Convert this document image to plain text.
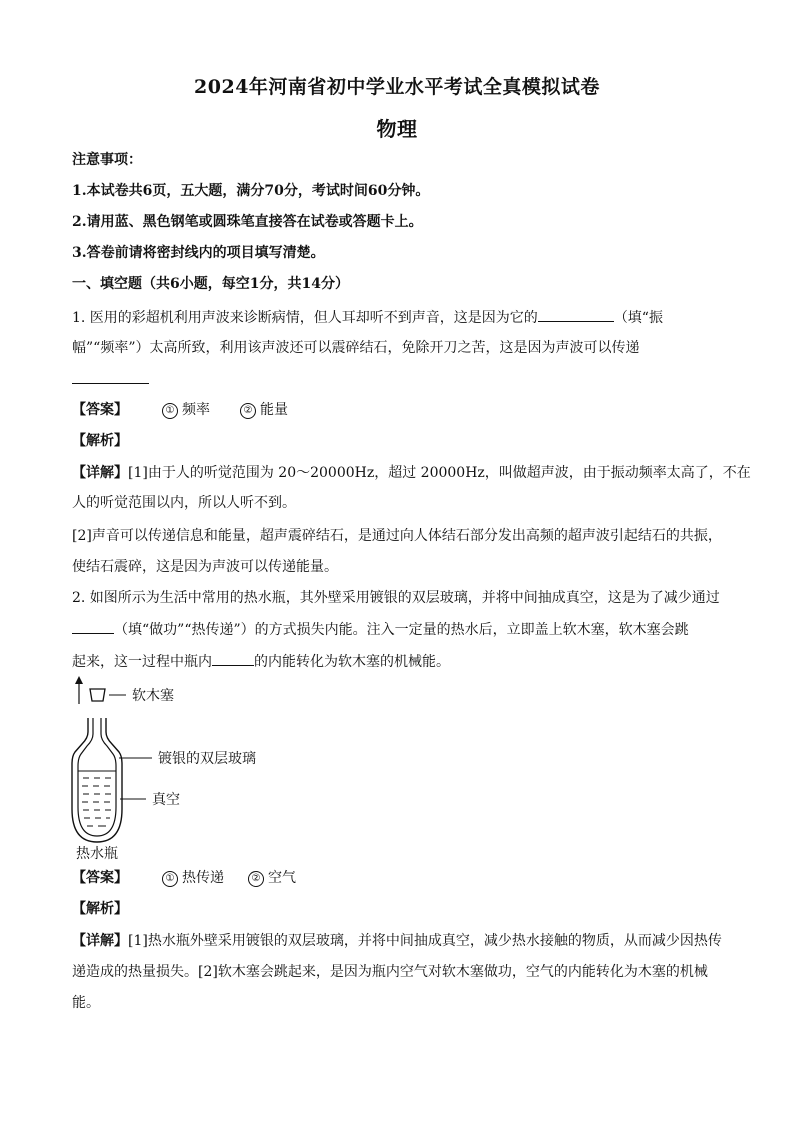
2024年河南省初中学业水平考试全真模拟试卷
物理
注意事项：
1.本试卷共6页，五大题，满分70分，考试时间60分钟。
2.请用蓝、黑色钢笔或圆珠笔直接答在试卷或答题卡上。
3.答卷前请将密封线内的项目填写清楚。
一、填空题（共6小题，每空1分，共14分）
1. 医用的彩超机利用声波来诊断病情，但人耳却听不到声音，这是因为它的	（填“振
幅”“频率”）太高所致，利用该声波还可以震碎结石，免除开刀之苦，这是因为声波可以传递
【答案】	① 频率	② 能量
【解析】
【详解】[1]由于人的听觉范围为 20～20000Hz，超过 20000Hz，叫做超声波，由于振动频率太高了，不在
人的听觉范围以内，所以人听不到。
[2]声音可以传递信息和能量，超声震碎结石，是通过向人体结石部分发出高频的超声波引起结石的共振，
使结石震碎，这是因为声波可以传递能量。
2. 如图所示为生活中常用的热水瓶，其外壁采用镀银的双层玻璃，并将中间抽成真空，这是为了减少通过
（填“做功”“热传递”）的方式损失内能。注入一定量的热水后，立即盖上软木塞，软木塞会跳
起来，这一过程中瓶内	的内能转化为软木塞的机械能。
软木塞
镀银的双层玻璃
真空
热水瓶
【答案】	① 热传递	② 空气
【解析】
【详解】[1]热水瓶外壁采用镀银的双层玻璃，并将中间抽成真空，减少热水接触的物质，从而减少因热传
递造成的热量损失。[2]软木塞会跳起来，是因为瓶内空气对软木塞做功，空气的内能转化为木塞的机械
能。
